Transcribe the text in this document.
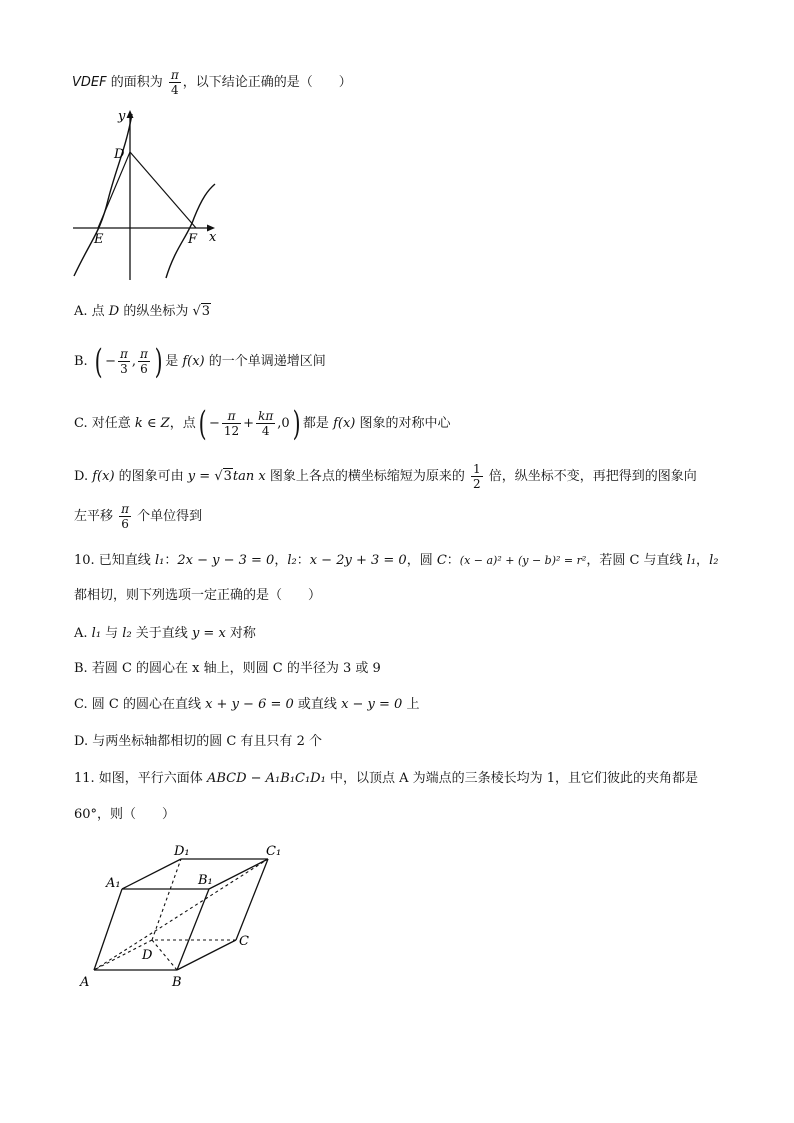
VDEF 的面积为 $\frac{\pi}{4}$ ，以下结论正确的是（　　）
y
x
D
E	F
A. 点 D 的纵坐标为 √3
B. ( − $\frac{\pi}{3}$ , $\frac{\pi}{6}$ ) 是 f(x) 的一个单调递增区间
C. 对任意 k ∈ Z，点( − $\frac{\pi}{12} + \frac{k\pi}{4} ,0$) 都是 f(x) 图象的对称中心
D. f(x) 的图象可由 y = √3tan x 图象上各点的横坐标缩短为原来的 $\frac{1}{2}$ 倍，纵坐标不变，再把得到的图象向
左平移 $\frac{\pi}{6}$ 个单位得到
10. 已知直线 l₁：2x − y − 3 = 0，l₂：x − 2y + 3 = 0，圆 C：(x − a)² + (y − b)² = r²，若圆 C 与直线 l₁，l₂
都相切，则下列选项一定正确的是（　　）
A. l₁ 与 l₂ 关于直线 y = x 对称
B. 若圆 C 的圆心在 x 轴上，则圆 C 的半径为 3 或 9
C. 圆 C 的圆心在直线 x + y − 6 = 0 或直线 x − y = 0 上
D. 与两坐标轴都相切的圆 C 有且只有 2 个
11. 如图，平行六面体 ABCD − A₁B₁C₁D₁ 中，以顶点 A 为端点的三条棱长均为 1，且它们彼此的夹角都是
60°，则（　　）
A	B
C
D
A₁	B₁
C₁
D₁
